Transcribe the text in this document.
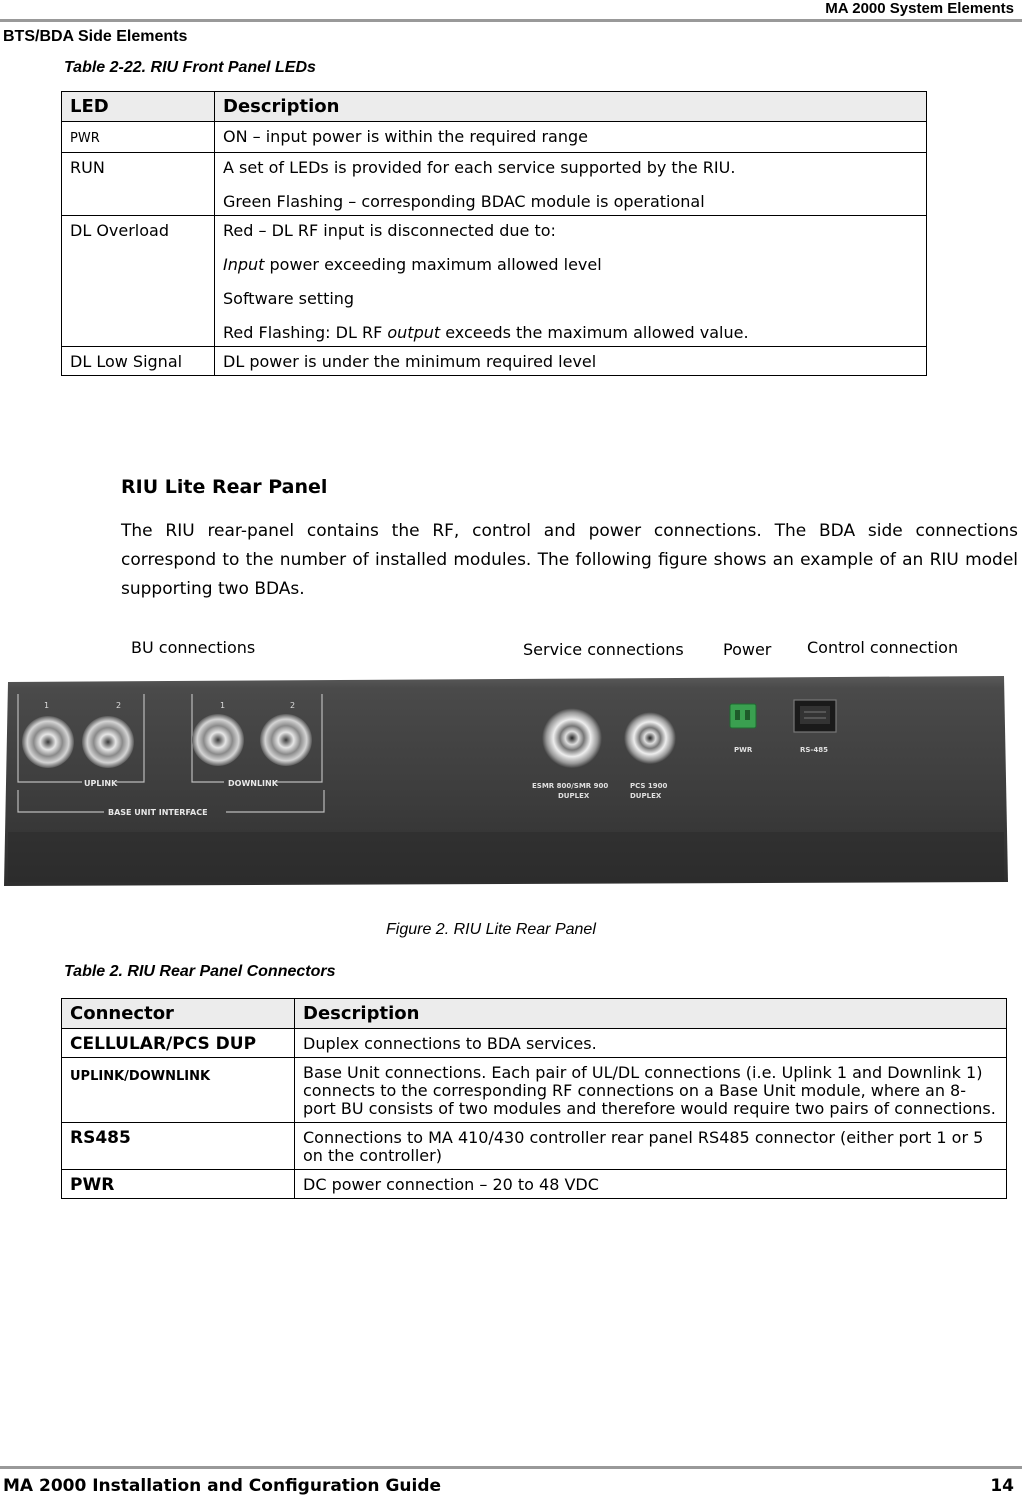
MA 2000 System Elements
BTS/BDA Side Elements
Table 2-22. RIU Front Panel LEDs
LED	Description
PWR	ON – input power is within the required range

RUN	A set of LEDs is provided for each service supported by the RIU.
Green Flashing – corresponding BDAC module is operational

DL Overload	Red – DL RF input is disconnected due to:
Input power exceeding maximum allowed level
Software setting
Red Flashing: DL RF output exceeds the maximum allowed value.

DL Low Signal	DL power is under the minimum required level
RIU Lite Rear Panel
The RIU rear-panel contains the RF, control and power connections. The BDA side connections correspond to the number of installed modules. The following figure shows an example of an RIU model supporting two BDAs.
BU connections	Service connections Power Control connection
1	2	1	2
UPLINK	DOWNLINK
BASE UNIT INTERFACE
ESMR 800/SMR 900
DUPLEX
PCS 1900
DUPLEX
PWR	RS-485
Figure 2. RIU Lite Rear Panel
Table 2. RIU Rear Panel Connectors
Connector	Description
CELLULAR/PCS DUP	Duplex connections to BDA services.
UPLINK/DOWNLINK	Base Unit connections. Each pair of UL/DL connections (i.e. Uplink 1 and Downlink 1) connects to the corresponding RF connections on a Base Unit module, where an 8-port BU consists of two modules and therefore would require two pairs of connections.
RS485	Connections to MA 410/430 controller rear panel RS485 connector (either port 1 or 5 on the controller)
PWR	DC power connection – 20 to 48 VDC
MA 2000 Installation and Configuration Guide	14
